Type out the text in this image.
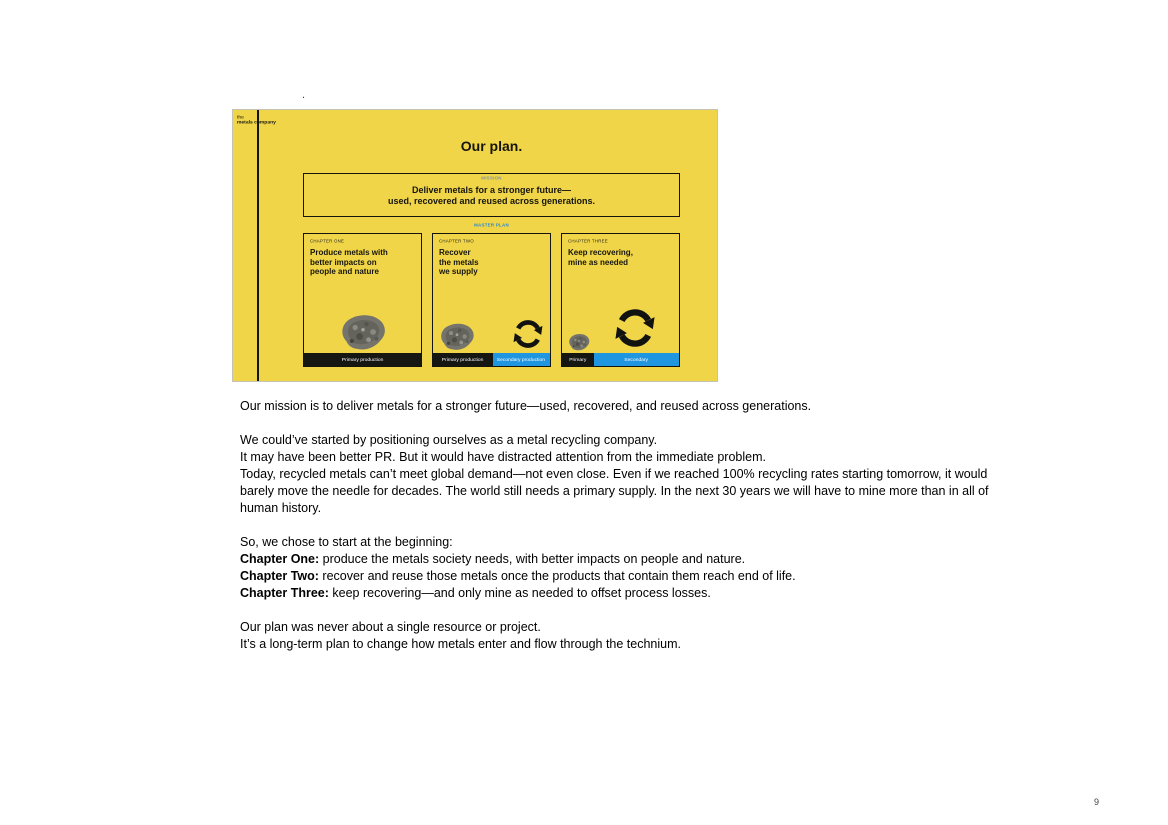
.
the
metals company
Our plan.
MISSION
Deliver metals for a stronger future—
used, recovered and reused across generations.
MASTER PLAN
CHAPTER ONE
Produce metals with
better impacts on
people and nature
Primary production
CHAPTER TWO
Recover
the metals
we supply
Primary production Secondary production
CHAPTER THREE
Keep recovering,
mine as needed
Primary	Secondary
Our mission is to deliver metals for a stronger future—used, recovered, and reused across generations.
We could’ve started by positioning ourselves as a metal recycling company.
It may have been better PR. But it would have distracted attention from the immediate problem.
Today, recycled metals can’t meet global demand—not even close. Even if we reached 100% recycling rates starting tomorrow, it would barely move the needle for decades. The world still needs a primary supply. In the next 30 years we will have to mine more than in all of human history.
So, we chose to start at the beginning:
Chapter One: produce the metals society needs, with better impacts on people and nature.
Chapter Two: recover and reuse those metals once the products that contain them reach end of life.
Chapter Three: keep recovering—and only mine as needed to offset process losses.
Our plan was never about a single resource or project.
It’s a long-term plan to change how metals enter and flow through the technium.
9
